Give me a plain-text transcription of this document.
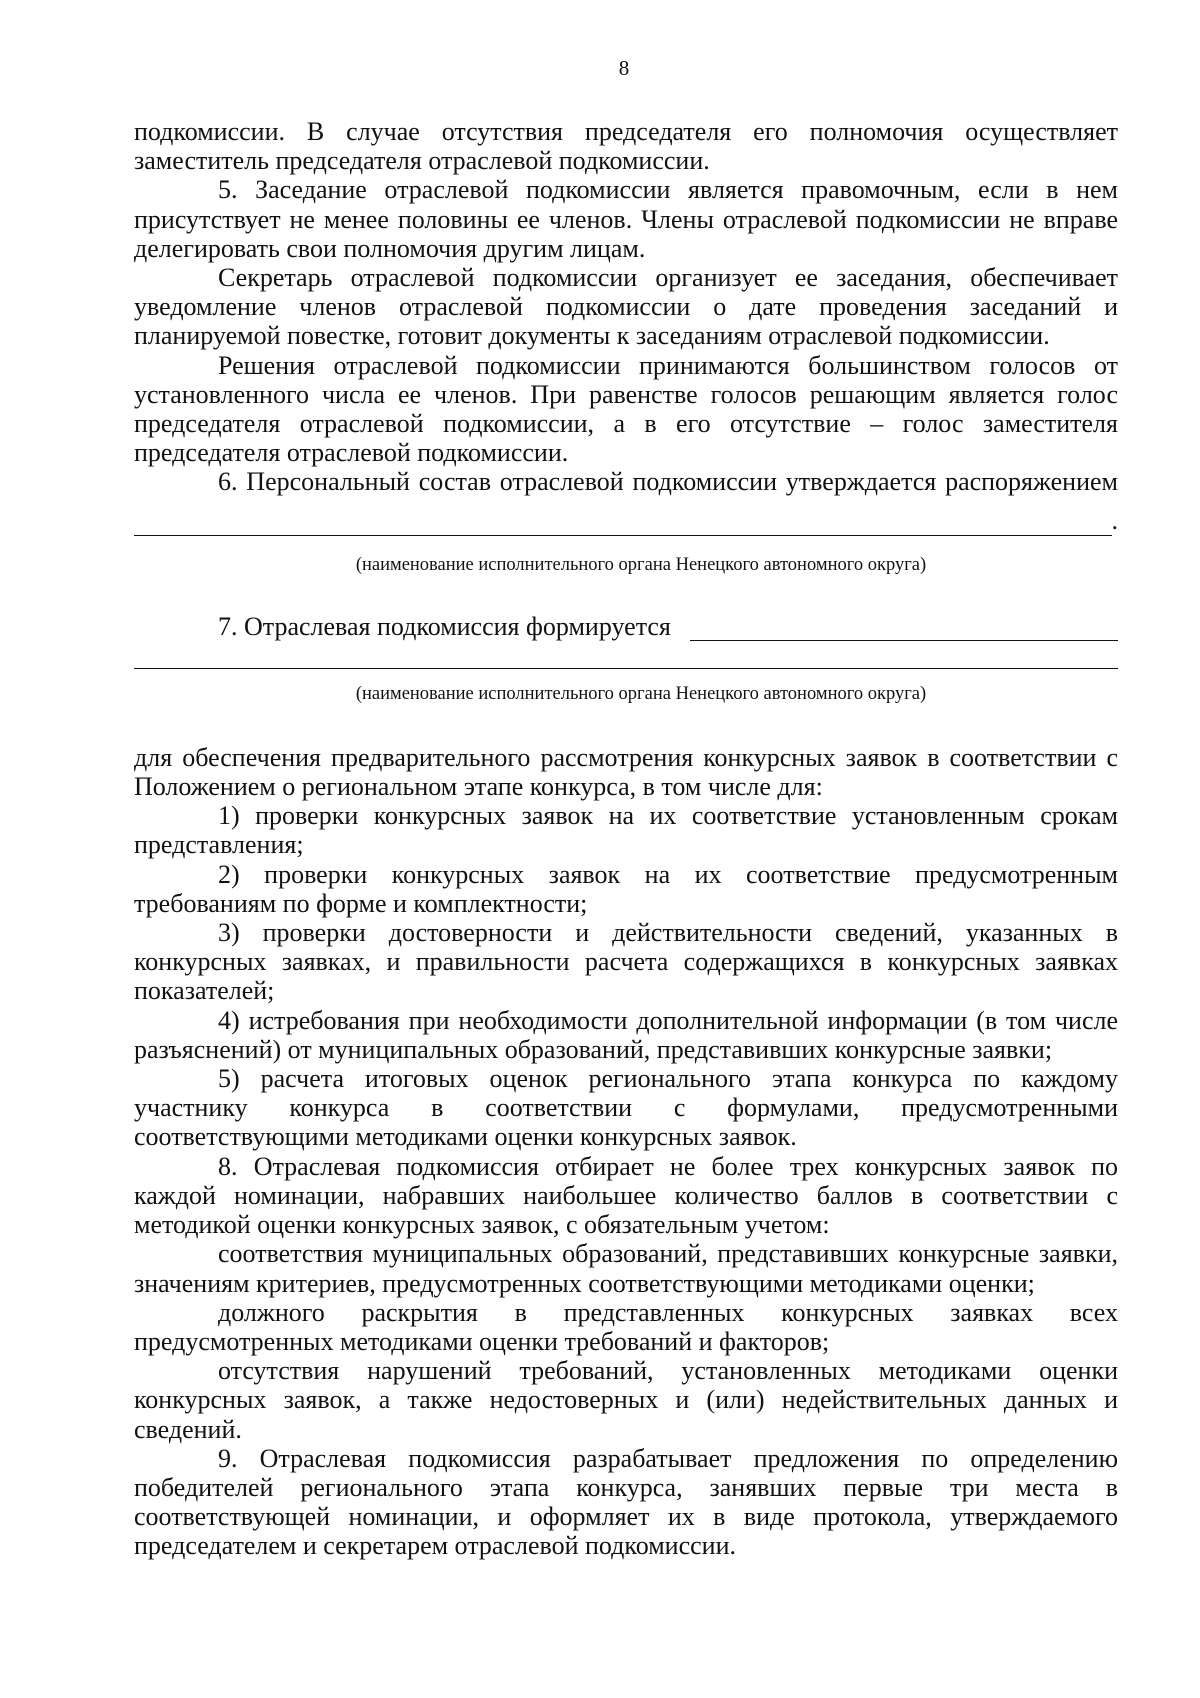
8

подкомиссии. В случае отсутствия председателя его полномочия осуществляет заместитель председателя отраслевой подкомиссии.

5. Заседание отраслевой подкомиссии является правомочным, если в нем присутствует не менее половины ее членов. Члены отраслевой подкомиссии не вправе делегировать свои полномочия другим лицам.

Секретарь отраслевой подкомиссии организует ее заседания, обеспечивает уведомление членов отраслевой подкомиссии о дате проведения заседаний и планируемой повестке, готовит документы к заседаниям отраслевой подкомиссии.

Решения отраслевой подкомиссии принимаются большинством голосов от установленного числа ее членов. При равенстве голосов решающим является голос председателя отраслевой подкомиссии, а в его отсутствие – голос заместителя председателя отраслевой подкомиссии.

6. Персональный состав отраслевой подкомиссии утверждается распоряжением

.
(наименование исполнительного органа Ненецкого автономного округа)
7. Отраслевая подкомиссия формируется
(наименование исполнительного органа Ненецкого автономного округа)

для обеспечения предварительного рассмотрения конкурсных заявок в соответствии с Положением о региональном этапе конкурса, в том числе для:

1) проверки конкурсных заявок на их соответствие установленным срокам представления;

2) проверки конкурсных заявок на их соответствие предусмотренным требованиям по форме и комплектности;

3) проверки достоверности и действительности сведений, указанных в конкурсных заявках, и правильности расчета содержащихся в конкурсных заявках показателей;

4) истребования при необходимости дополнительной информации (в том числе разъяснений) от муниципальных образований, представивших конкурсные заявки;

5) расчета итоговых оценок регионального этапа конкурса по каждому участнику конкурса в соответствии с формулами, предусмотренными соответствующими методиками оценки конкурсных заявок.

8. Отраслевая подкомиссия отбирает не более трех конкурсных заявок по каждой номинации, набравших наибольшее количество баллов в соответствии с методикой оценки конкурсных заявок, с обязательным учетом:

соответствия муниципальных образований, представивших конкурсные заявки, значениям критериев, предусмотренных соответствующими методиками оценки;

должного раскрытия в представленных конкурсных заявках всех предусмотренных методиками оценки требований и факторов;

отсутствия нарушений требований, установленных методиками оценки конкурсных заявок, а также недостоверных и (или) недействительных данных и сведений.

9. Отраслевая подкомиссия разрабатывает предложения по определению победителей регионального этапа конкурса, занявших первые три места в соответствующей номинации, и оформляет их в виде протокола, утверждаемого председателем и секретарем отраслевой подкомиссии.
